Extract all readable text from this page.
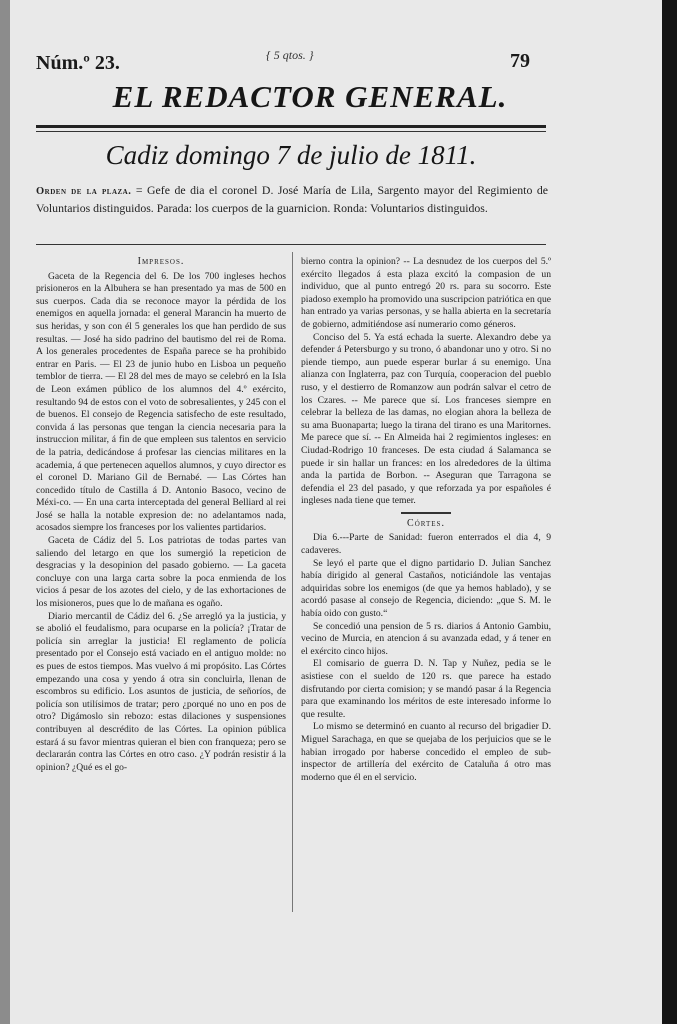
Núm.º 23.	{ 5 qtos. }	79
EL REDACTOR GENERAL.
Cadiz domingo 7 de julio de 1811.
Orden de la plaza. = Gefe de dia el coronel D. José María de Lila, Sargento mayor del Regimiento de Voluntarios distinguidos. Parada: los cuerpos de la guarnicion. Ronda: Voluntarios distinguidos.
Impresos.

Gaceta de la Regencia del 6. De los 700 ingleses hechos prisioneros en la Albuhera se han presentado ya mas de 500 en sus cuerpos. Cada dia se reconoce mayor la pérdida de los enemigos en aquella jornada: el general Marancin ha muerto de sus heridas, y son con él 5 generales los que han perdido de sus resultas. — José ha sido padrino del bautismo del rei de Roma. A los generales procedentes de España parece se ha prohibido entrar en Paris. — El 23 de junio hubo en Lisboa un pequeño temblor de tierra. — El 28 del mes de mayo se celebró en la Isla de Leon exámen público de los alumnos del 4.º exército, resultando 94 de estos con el voto de sobresalientes, y 245 con el de buenos. El consejo de Regencia satisfecho de este resultado, convida á las personas que tengan la ciencia necesaria para la instruccion militar, á fin de que empleen sus talentos en servicio de la patria, dedicándose á profesar las ciencias militares en la academia, á que pertenecen aquellos alumnos, y cuyo director es el coronel D. Mariano Gil de Bernabé. — Las Córtes han concedido título de Castilla á D. Antonio Basoco, vecino de Méxi-co. — En una carta interceptada del general Belliard al rei José se halla la notable expresion de: no adelantamos nada, acosados siempre los franceses por los valientes partidarios.

Gaceta de Cádiz del 5. Los patriotas de todas partes van saliendo del letargo en que los sumergió la repeticion de desgracias y la desopinion del pasado gobierno. — La gaceta concluye con una larga carta sobre la poca enmienda de los vicios á pesar de los azotes del cielo, y de las exhortaciones de los misioneros, pues que lo de mañana es ogaño.

Diario mercantil de Cádiz del 6. ¿Se arregló ya la justicia, y se abolió el feudalismo, para ocuparse en la policía? ¡Tratar de policía sin arreglar la justicia! El reglamento de policía presentado por el Consejo está vaciado en el antiguo molde: no es pues de estos tiempos. Mas vuelvo á mi propósito. Las Córtes empezando una cosa y yendo á otra sin concluirla, llenan de escombros su edificio. Los asuntos de justicia, de señoríos, de policía son utilísimos de tratar; pero ¿porqué no uno en pos de otro? Digámoslo sin rebozo: estas dilaciones y suspensiones contribuyen al descrédito de las Córtes. La opinion pública estará á su favor mientras quieran el bien con franqueza; pero se declararán contra las Córtes en otro caso. ¿Y podrán resistir á la opinion? ¿Qué es el go-

bierno contra la opinion? -- La desnudez de los cuerpos del 5.º exército llegados á esta plaza excitó la compasion de un individuo, que al punto entregó 20 rs. para su socorro. Este piadoso exemplo ha promovido una suscripcion patriótica en que han entrado ya varias personas, y se halla abierta en la secretaría de gobierno, admitiéndose así numerario como géneros.

Conciso del 5. Ya está echada la suerte. Alexandro debe ya defender á Petersburgo y su trono, ó abandonar uno y otro. Si no piende tiempo, aun puede esperar burlar á su enemigo. Una alianza con Inglaterra, paz con Turquía, cooperacion del pueblo ruso, y el destierro de Romanzow aun podrán salvar el cetro de los Czares. -- Me parece que sí. Los franceses siempre en celebrar la belleza de las damas, no elogian ahora la belleza de su ama Buonaparta; luego la tirana del tirano es una Maritornes. Me parece que sí. -- En Almeida hai 2 regimientos ingleses: en Ciudad-Rodrigo 10 franceses. De esta ciudad á Salamanca se puede ir sin hallar un frances: en los alrededores de la última anda la partida de Borbon. -- Aseguran que Tarragona se defendia el 23 del pasado, y que reforzada ya por españoles é ingleses nada tiene que temer.

Córtes.

Dia 6.---Parte de Sanidad: fueron enterrados el dia 4, 9 cadaveres.

Se leyó el parte que el digno partidario D. Julian Sanchez había dirigido al general Castaños, noticiándole las ventajas adquiridas sobre los enemigos (de que ya hemos hablado), y se acordó pasase al consejo de Regencia, diciendo: „que S. M. le había oido con gusto.“

Se concedió una pension de 5 rs. diarios á Antonio Gambiu, vecino de Murcia, en atencion á su avanzada edad, y á tener en el exército cinco hijos.

El comisario de guerra D. N. Tap y Nuñez, pedia se le asistiese con el sueldo de 120 rs. que parece ha estado disfrutando por cierta comision; y se mandó pasar á la Regencia para que examinando los méritos de este interesado informe lo que resulte.

Lo mismo se determinó en cuanto al recurso del brigadier D. Miguel Sarachaga, en que se quejaba de los perjuicios que se le habian irrogado por haberse concedido el empleo de sub-inspector de artillería del exército de Cataluña á otro mas moderno que él en el servicio.
